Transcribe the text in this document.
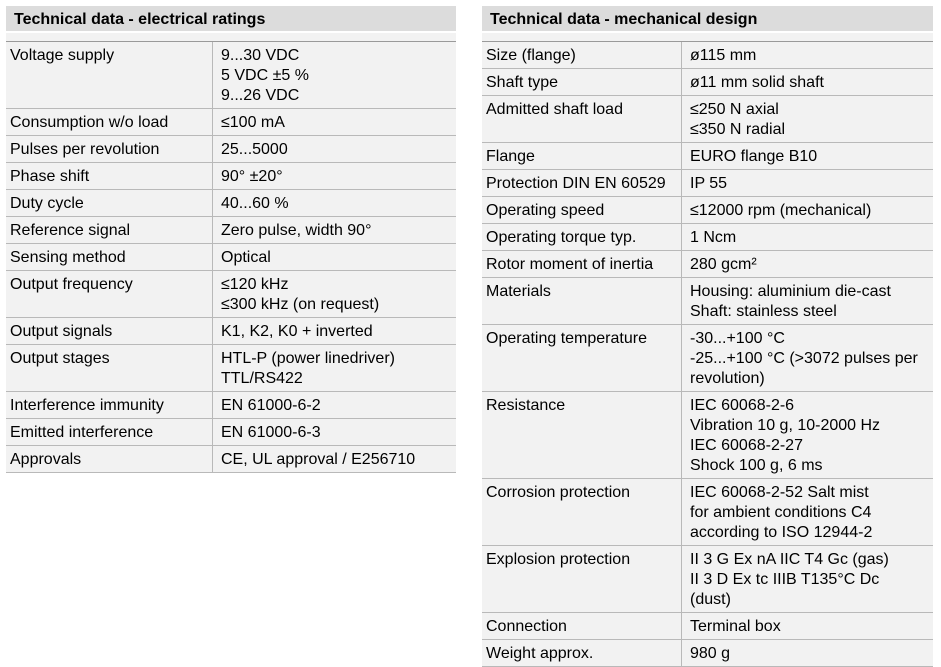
Technical data - electrical ratings
Voltage supply	9...30 VDC
5 VDC ±5 %
9...26 VDC
Consumption w/o load	≤100 mA
Pulses per revolution	25...5000
Phase shift	90° ±20°
Duty cycle	40...60 %
Reference signal	Zero pulse, width 90°
Sensing method	Optical
Output frequency	≤120 kHz
≤300 kHz (on request)
Output signals	K1, K2, K0 + inverted
Output stages	HTL-P (power linedriver)
TTL/RS422
Interference immunity	EN 61000-6-2
Emitted interference	EN 61000-6-3
Approvals	CE, UL approval / E256710
Technical data - mechanical design
Size (flange)	ø115 mm
Shaft type	ø11 mm solid shaft
Admitted shaft load	≤250 N axial
≤350 N radial
Flange	EURO flange B10
Protection DIN EN 60529	IP 55
Operating speed	≤12000 rpm (mechanical)
Operating torque typ.	1 Ncm
Rotor moment of inertia	280 gcm²
Materials	Housing: aluminium die-cast
Shaft: stainless steel
Operating temperature	-30...+100 °C
-25...+100 °C (>3072 pulses per
revolution)
Resistance	IEC 60068-2-6
Vibration 10 g, 10-2000 Hz
IEC 60068-2-27
Shock 100 g, 6 ms
Corrosion protection	IEC 60068-2-52 Salt mist
for ambient conditions C4
according to ISO 12944-2
Explosion protection	II 3 G Ex nA IIC T4 Gc (gas)
II 3 D Ex tc IIIB T135°C Dc
(dust)
Connection	Terminal box
Weight approx.	980 g
